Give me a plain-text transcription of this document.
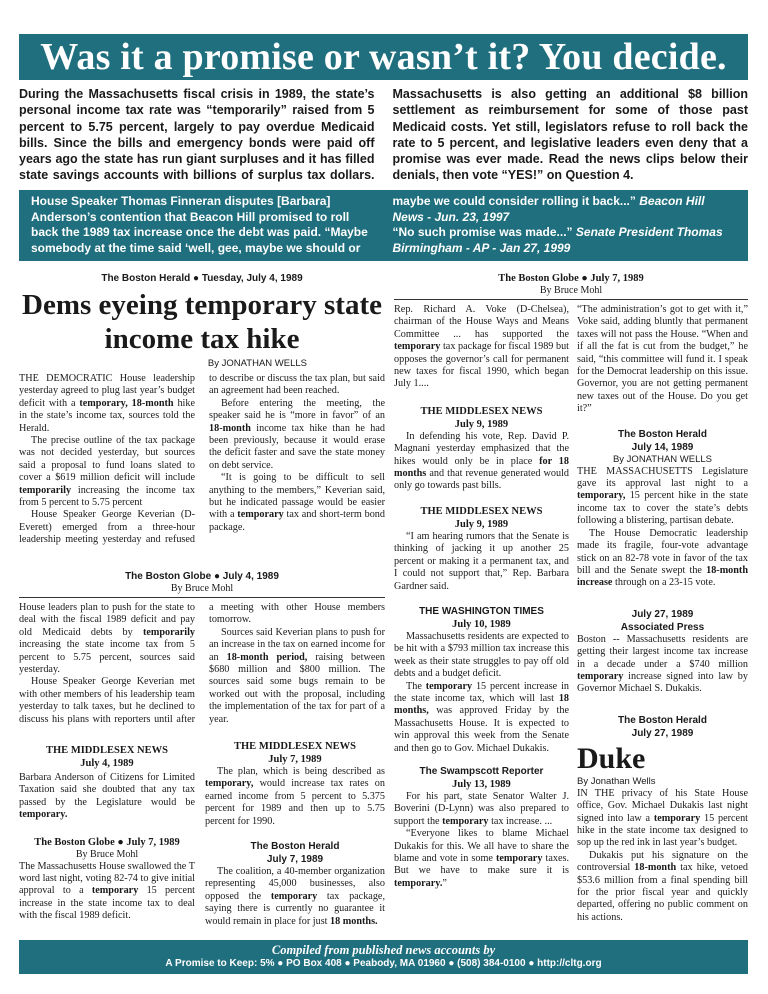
Was it a promise or wasn’t it? You decide.
During the Massachusetts fiscal crisis in 1989, the state’s personal income tax rate was “temporarily” raised from 5 percent to 5.75 percent, largely to pay overdue Medicaid bills. Since the bills and emergency bonds were paid off years ago the state has run giant surpluses and it has filled state savings accounts with billions of surplus tax dollars. Massachusetts is also getting an additional $8 billion settlement as reimbursement for some of those past Medicaid costs. Yet still, legislators refuse to roll back the rate to 5 percent, and legislative leaders even deny that a promise was ever made. Read the news clips below their denials, then vote “YES!” on Question 4.
House Speaker Thomas Finneran disputes [Barbara] Anderson’s contention that Beacon Hill promised to roll back the 1989 tax increase once the debt was paid. “Maybe somebody at the time said ‘well, gee, maybe we should or maybe we could consider rolling it back...” Beacon Hill News - Jun. 23, 1997
“No such promise was made...” Senate President Thomas Birmingham - AP - Jan 27, 1999
The Boston Herald ● Tuesday, July 4, 1989
Dems eyeing temporary state income tax hike
By JONATHAN WELLS

THE DEMOCRATIC House leadership yesterday agreed to plug last year’s budget deficit with a temporary, 18-month hike in the state’s income tax, sources told the Herald.

The precise outline of the tax package was not decided yesterday, but sources said a proposal to fund loans slated to cover a $619 million deficit will include temporarily increasing the income tax from 5 percent to 5.75 percent

House Speaker George Keverian (D-Everett) emerged from a three-hour leadership meeting yesterday and refused to describe or discuss the tax plan, but said an agreement had been reached.

Before entering the meeting, the speaker said he is “more in favor” of an 18-month income tax hike than he had been previously, because it would erase the deficit faster and save the state money on debt service.

“It is going to be difficult to sell anything to the members,” Keverian said, but he indicated passage would be easier with a temporary tax and short-term bond package.

The Boston Globe ● July 4, 1989
By Bruce Mohl

House leaders plan to push for the state to deal with the fiscal 1989 deficit and pay old Medicaid debts by temporarily increasing the state income tax from 5 percent to 5.75 percent, sources said yesterday.

House Speaker George Keverian met with other members of his leadership team yesterday to talk taxes, but he declined to discuss his plans with reporters until after a meeting with other House members tomorrow.

Sources said Keverian plans to push for an increase in the tax on earned income for an 18-month period, raising between $680 million and $800 million. The sources said some bugs remain to be worked out with the proposal, including the implementation of the tax for part of a year.

THE MIDDLESEX NEWS
July 4, 1989

Barbara Anderson of Citizens for Limited Taxation said she doubted that any tax passed by the Legislature would be temporary.

The Boston Globe ● July 7, 1989
By Bruce Mohl

The Massachusetts House swallowed the T word last night, voting 82-74 to give initial approval to a temporary 15 percent increase in the state income tax to deal with the fiscal 1989 deficit.

THE MIDDLESEX NEWS
July 7, 1989

The plan, which is being described as temporary, would increase tax rates on earned income from 5 percent to 5.375 percent for 1989 and then up to 5.75 percent for 1990.

The Boston Herald
July 7, 1989

The coalition, a 40-member organization representing 45,000 businesses, also opposed the temporary tax package, saying there is currently no guarantee it would remain in place for just 18 months.

Rep. Richard A. Voke (D-Chelsea), chairman of the House Ways and Means Committee ... has supported the temporary tax package for fiscal 1989 but opposes the governor’s call for permanent new taxes for fiscal 1990, which began July 1....

THE MIDDLESEX NEWS
July 9, 1989

In defending his vote, Rep. David P. Magnani yesterday emphasized that the hikes would only be in place for 18 months and that revenue generated would only go towards past bills.

THE MIDDLESEX NEWS
July 9, 1989

“I am hearing rumors that the Senate is thinking of jacking it up another 25 percent or making it a permanent tax, and I could not support that,” Rep. Barbara Gardner said.

THE WASHINGTON TIMES
July 10, 1989

Massachusetts residents are expected to be hit with a $793 million tax increase this week as their state struggles to pay off old debts and a budget deficit.

The temporary 15 percent increase in the state income tax, which will last 18 months, was approved Friday by the Massachusetts House. It is expected to win approval this week from the Senate and then go to Gov. Michael Dukakis.

The Swampscott Reporter
July 13, 1989

For his part, state Senator Walter J. Boverini (D-Lynn) was also prepared to support the temporary tax increase. ...

“Everyone likes to blame Michael Dukakis for this. We all have to share the blame and vote in some temporary taxes. But we have to make sure it is temporary.”

The Boston Globe ● July 7, 1989
By Bruce Mohl

“The administration’s got to get with it,” Voke said, adding bluntly that permanent taxes will not pass the House. “When and if all the fat is cut from the budget,” he said, “this committee will fund it. I speak for the Democrat leadership on this issue. Governor, you are not getting permanent new taxes out of the House. Do you get it?”

The Boston Herald
July 14, 1989
By JONATHAN WELLS

THE MASSACHUSETTS Legislature gave its approval last night to a temporary, 15 percent hike in the state income tax to cover the state’s debts following a blistering, partisan debate.

The House Democratic leadership made its fragile, four-vote advantage stick on an 82-78 vote in favor of the tax bill and the Senate swept the 18-month increase through on a 23-15 vote.

July 27, 1989
Associated Press

Boston -- Massachusetts residents are getting their largest income tax increase in a decade under a $740 million temporary increase signed into law by Governor Michael S. Dukakis.

The Boston Herald
July 27, 1989
Duke
By Jonathan Wells

IN THE privacy of his State House office, Gov. Michael Dukakis last night signed into law a temporary 15 percent hike in the state income tax designed to sop up the red ink in last year’s budget.

Dukakis put his signature on the controversial 18-month tax hike, vetoed $53.6 million from a final spending bill for the prior fiscal year and quickly departed, offering no public comment on his actions.

Compiled from published news accounts by
A Promise to Keep: 5% ● PO Box 408 ● Peabody, MA 01960 ● (508) 384-0100 ● http://cltg.org
